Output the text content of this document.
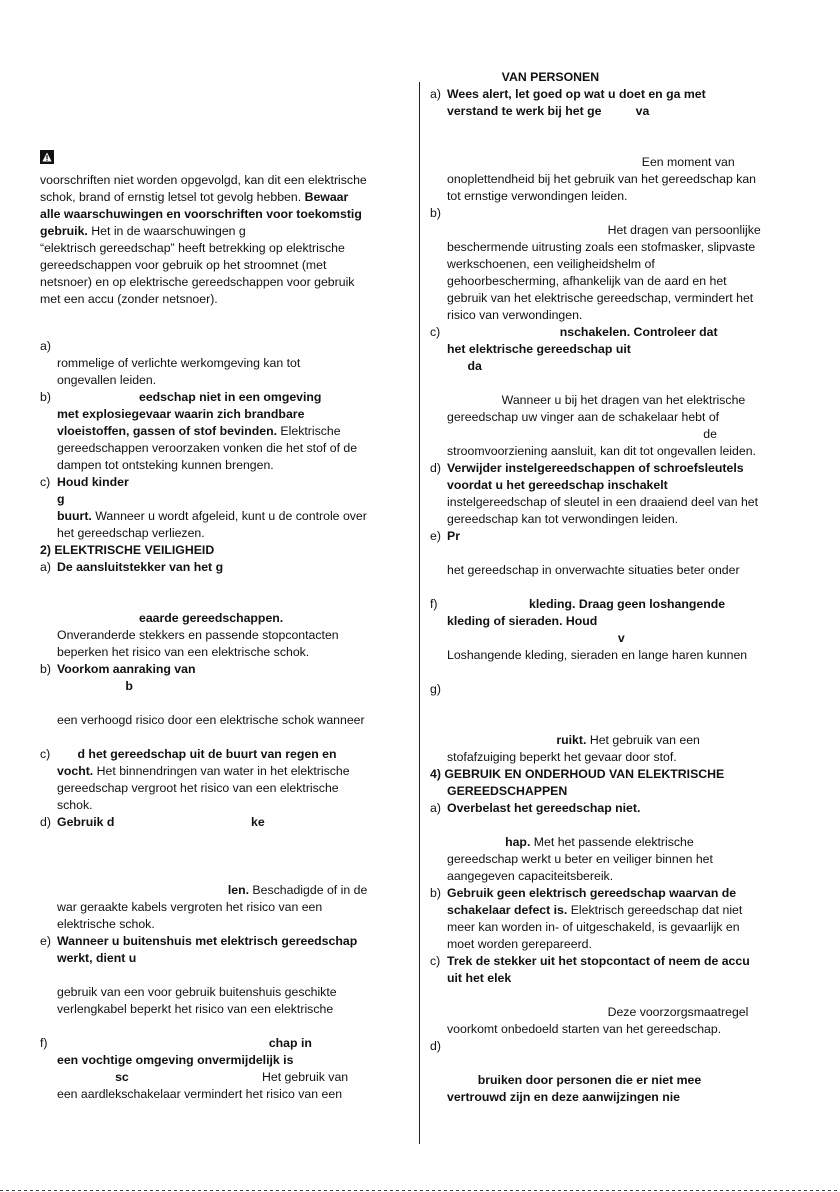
voorschriften niet worden opgevolgd, kan dit een elektrische
schok, brand of ernstig letsel tot gevolg hebben. Bewaar
alle waarschuwingen en voorschriften voor toekomstig
gebruik. Het in de waarschuwingen g
“elektrisch gereedschap” heeft betrekking op elektrische
gereedschappen voor gebruik op het stroomnet (met
netsnoer) en op elektrische gereedschappen voor gebruik
met een accu (zonder netsnoer).
a)
rommelige of verlichte werkomgeving kan tot
ongevallen leiden.
b) eedschap niet in een omgeving
met explosiegevaar waarin zich brandbare
vloeistoffen, gassen of stof bevinden. Elektrische
gereedschappen veroorzaken vonken die het stof of de
dampen tot ontsteking kunnen brengen.
c) Houd kinder
g
buurt. Wanneer u wordt afgeleid, kunt u de controle over
het gereedschap verliezen.
2) ELEKTRISCHE VEILIGHEID
a) De aansluitstekker van het g
eaarde gereedschappen.
Onveranderde stekkers en passende stopcontacten
beperken het risico van een elektrische schok.
b) Voorkom aanraking van
b
een verhoogd risico door een elektrische schok wanneer
c) d het gereedschap uit de buurt van regen en
vocht. Het binnendringen van water in het elektrische
gereedschap vergroot het risico van een elektrische
schok.
d) Gebruik d                                        ke
len. Beschadigde of in de
war geraakte kabels vergroten het risico van een
elektrische schok.
e) Wanneer u buitenshuis met elektrisch gereedschap
werkt, dient u
gebruik van een voor gebruik buitenshuis geschikte
verlengkabel beperkt het risico van een elektrische
f) chap in
een vochtige omgeving onvermijdelijk is
sc                                       Het gebruik van
een aardlekschakelaar vermindert het risico van een
VAN PERSONEN
a) Wees alert, let goed op wat u doet en ga met
verstand te werk bij het ge          va
Een moment van
onoplettendheid bij het gebruik van het gereedschap kan
tot ernstige verwondingen leiden.
b)
Het dragen van persoonlijke
beschermende uitrusting zoals een stofmasker, slipvaste
werkschoenen, een veiligheidshelm of
gehoorbescherming, afhankelijk van de aard en het
gebruik van het elektrische gereedschap, vermindert het
risico van verwondingen.
c) nschakelen. Controleer dat
het elektrische gereedschap uit
da
Wanneer u bij het dragen van het elektrische
gereedschap uw vinger aan de schakelaar hebt of
de
stroomvoorziening aansluit, kan dit tot ongevallen leiden.
d) Verwijder instelgereedschappen of schroefsleutels
voordat u het gereedschap inschakelt
instelgereedschap of sleutel in een draaiend deel van het
gereedschap kan tot verwondingen leiden.
e) Pr
het gereedschap in onverwachte situaties beter onder
f) kleding. Draag geen loshangende
kleding of sieraden. Houd
v
Loshangende kleding, sieraden en lange haren kunnen
g)
ruikt. Het gebruik van een
stofafzuiging beperkt het gevaar door stof.
4) GEBRUIK EN ONDERHOUD VAN ELEKTRISCHE
GEREEDSCHAPPEN
a) Overbelast het gereedschap niet.
hap. Met het passende elektrische
gereedschap werkt u beter en veiliger binnen het
aangegeven capaciteitsbereik.
b) Gebruik geen elektrisch gereedschap waarvan de
schakelaar defect is. Elektrisch gereedschap dat niet
meer kan worden in- of uitgeschakeld, is gevaarlijk en
moet worden gerepareerd.
c) Trek de stekker uit het stopcontact of neem de accu
uit het elek
Deze voorzorgsmaatregel
voorkomt onbedoeld starten van het gereedschap.
d)
bruiken door personen die er niet mee
vertrouwd zijn en deze aanwijzingen nie
